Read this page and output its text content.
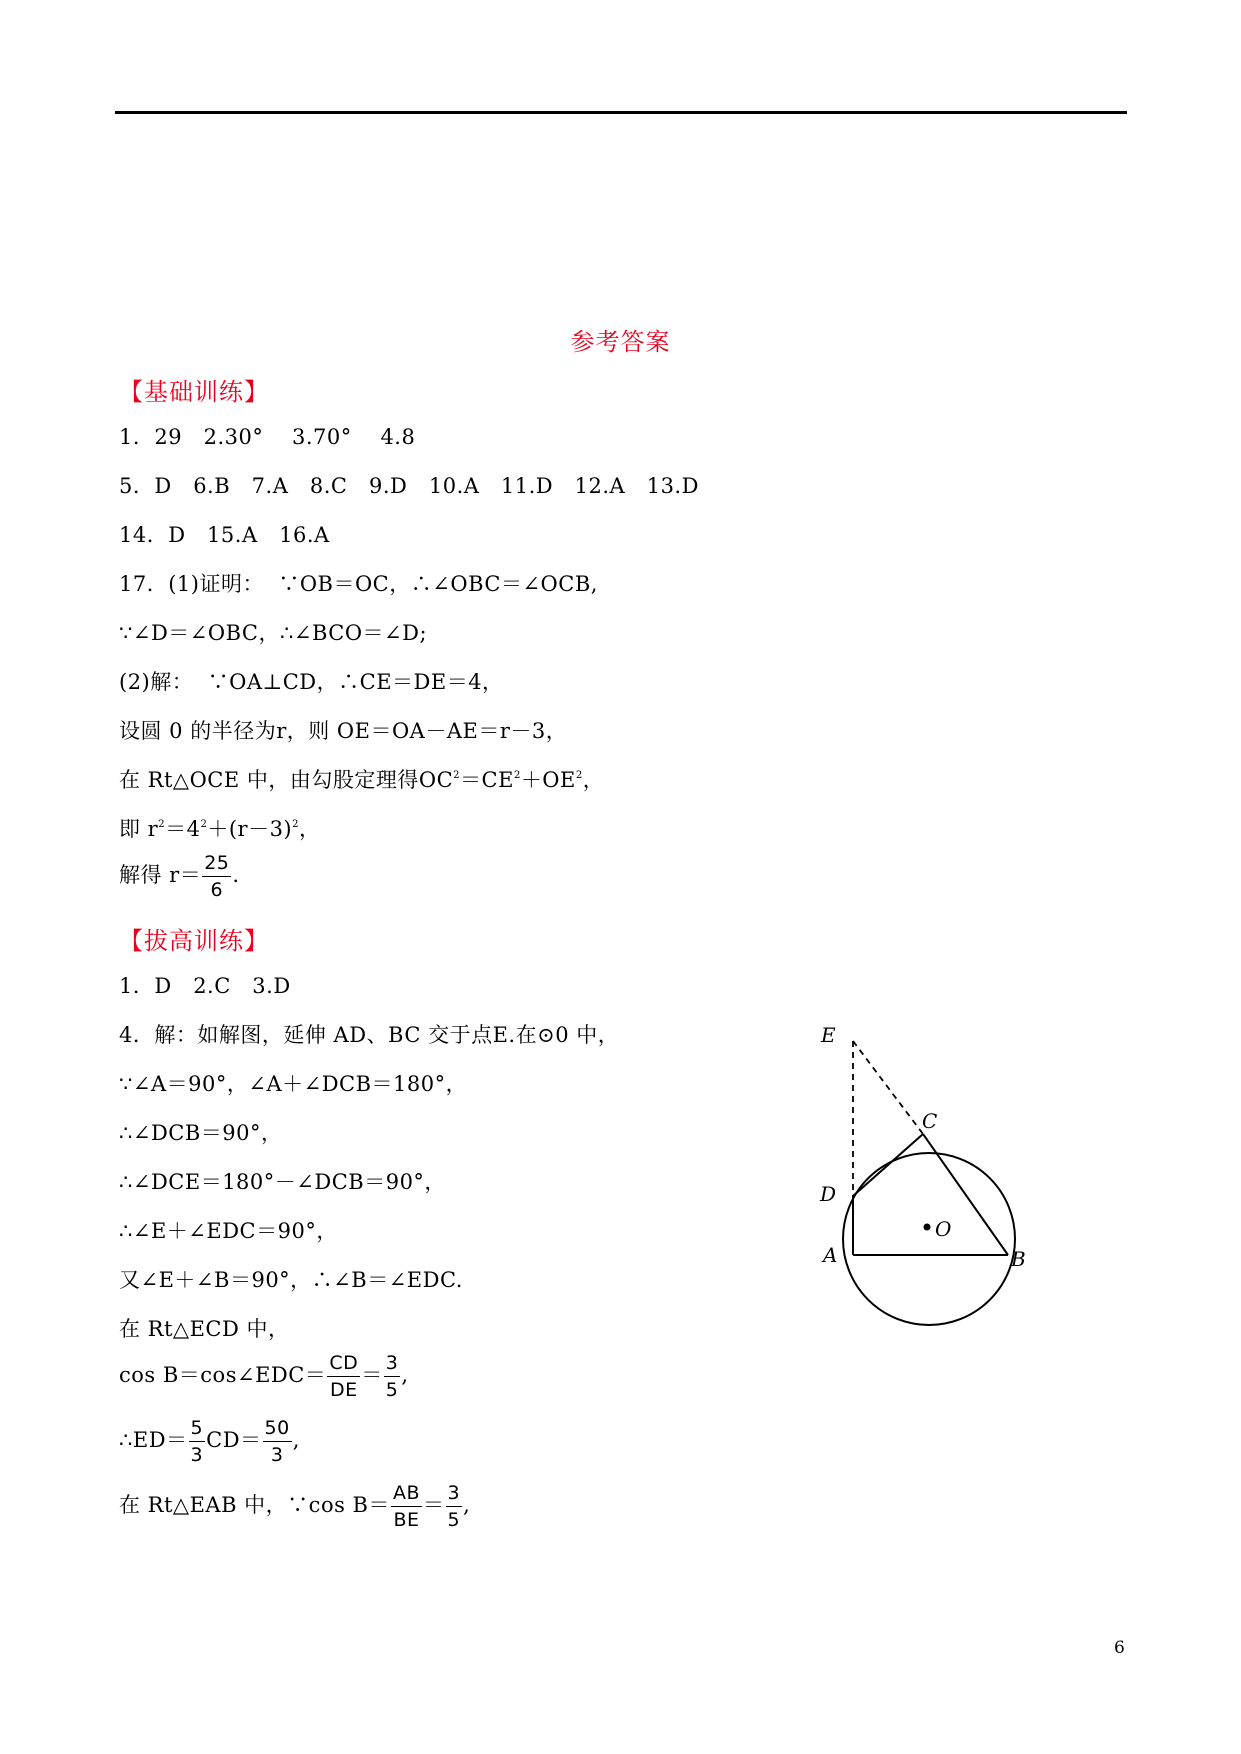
参考答案
【基础训练】
1．29　2.30°　 3.70°　 4.8
5．D　6.B　7.A　8.C　9.D　10.A　11.D　12.A　13.D
14．D　15.A　16.A
17．(1)证明：  ∵OB＝OC，∴∠OBC＝∠OCB,
∵∠D＝∠OBC，∴∠BCO＝∠D;
(2)解：  ∵OA⊥CD，∴CE＝DE＝4，
设圆 0 的半径为r，则 OE＝OA－AE＝r－3，
在 Rt△OCE 中，由勾股定理得$OC^2=CE^2+OE^2$，
即 $r^2=4^2+(r-3)^2$，
解得 $r= \frac{25}{6}$ .
【拔高训练】
1．D　2.C　3.D
4．解：如解图，延伸 AD、BC 交于点E.在⊙0 中，
∵∠A＝90°，∠A＋∠DCB＝180°，
∴∠DCB＝90°，
∴∠DCE＝180°－∠DCB＝90°，
∴∠E＋∠EDC＝90°，
又∠E＋∠B＝90°，∴∠B＝∠EDC.
在 Rt△ECD 中，
cos B＝cos∠EDC＝ $\frac{CD}{DE} = \frac{3}{5}$ ,
∴ED＝ $\frac{5}{3} CD= \frac{50}{3}$ ,
在 Rt△EAB 中，∵cos $B= \frac{AB}{BE} = \frac{3}{5}$ ,
E
C
D
O
A	B
6
